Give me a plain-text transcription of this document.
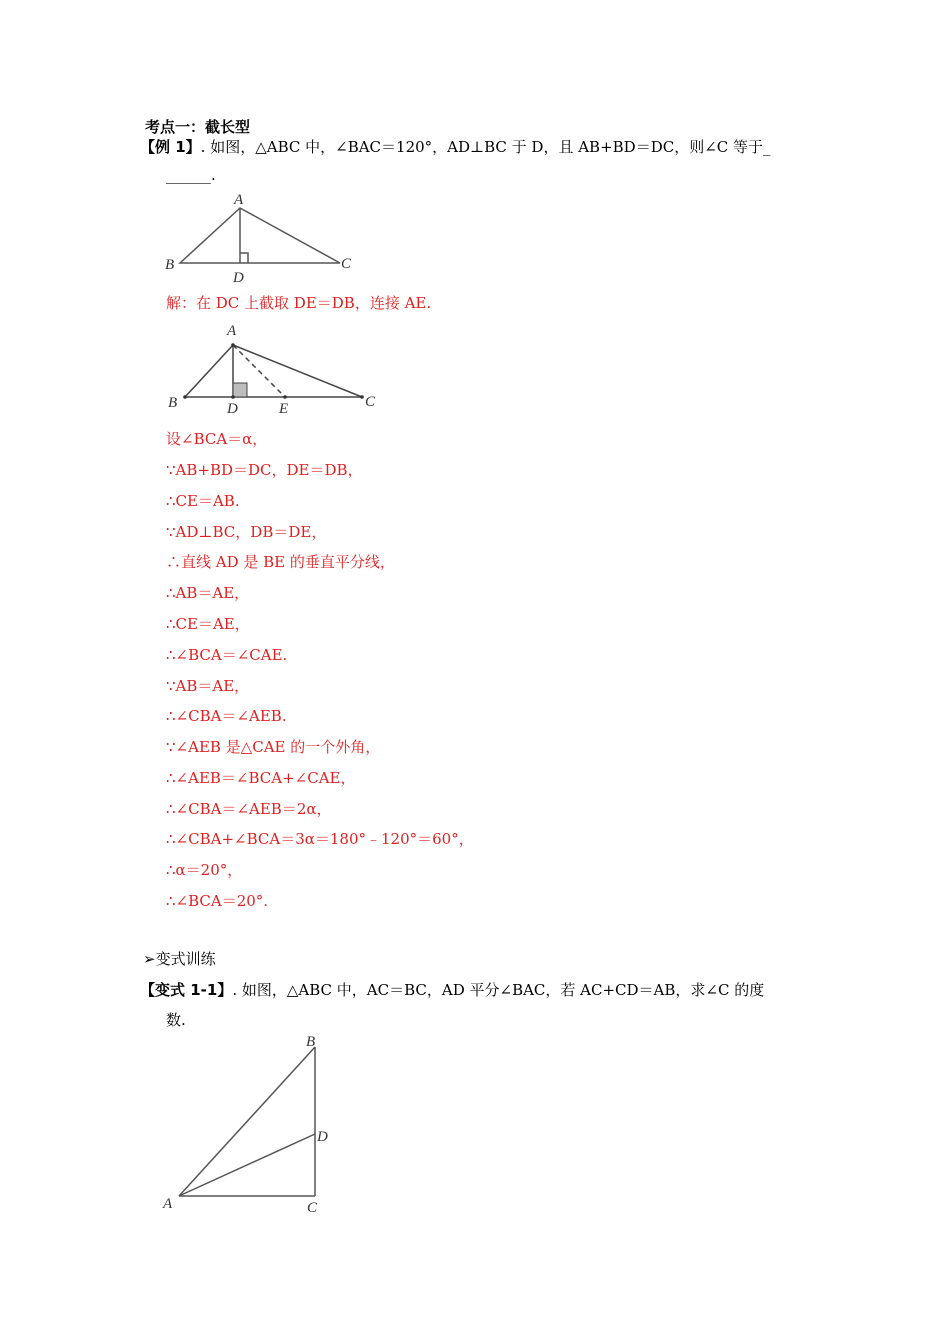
考点一：截长型
【例 1】. 如图，△ABC 中，∠BAC＝120°，AD⊥BC 于 D，且 AB+BD＝DC，则∠C 等于_
______.
A
B	C
D
解：在 DC 上截取 DE＝DB，连接 AE.
A
B	C
D	E
设∠BCA＝α，
∵AB+BD＝DC，DE＝DB，
∴CE＝AB.
∵AD⊥BC，DB＝DE，
∴直线 AD 是 BE 的垂直平分线，
∴AB＝AE，
∴CE＝AE，
∴∠BCA＝∠CAE.
∵AB＝AE，
∴∠CBA＝∠AEB.
∵∠AEB 是△CAE 的一个外角，
∴∠AEB＝∠BCA+∠CAE，
∴∠CBA＝∠AEB＝2α，
∴∠CBA+∠BCA＝3α＝180°﹣120°＝60°，
∴α＝20°，
∴∠BCA＝20°.
➢变式训练
【变式 1-1】. 如图，△ABC 中，AC＝BC，AD 平分∠BAC，若 AC+CD＝AB，求∠C 的度
数.
B
D
A	C
